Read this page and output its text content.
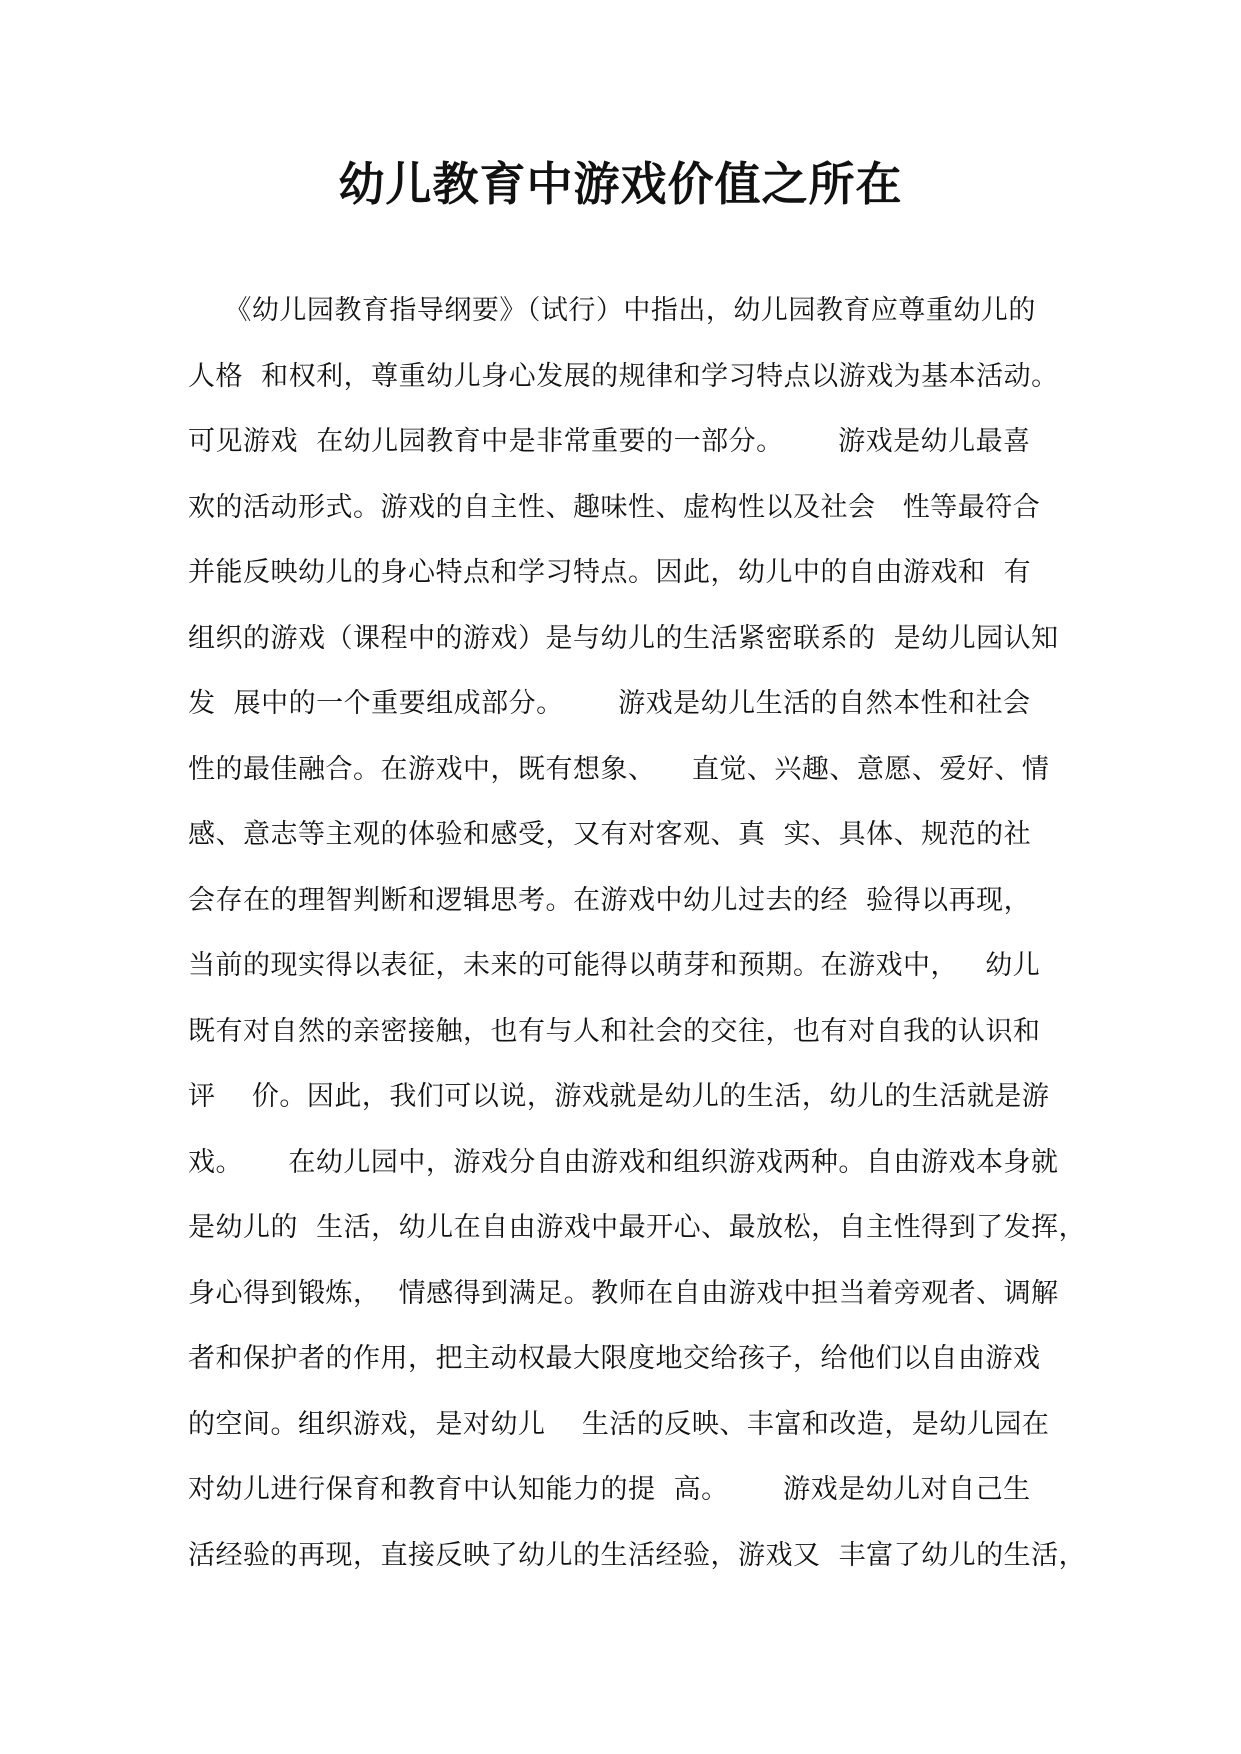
幼儿教育中游戏价值之所在
《幼儿园教育指导纲要》（试行）中指出，幼儿园教育应尊重幼儿的
人格  和权利，尊重幼儿身心发展的规律和学习特点以游戏为基本活动。
可见游戏  在幼儿园教育中是非常重要的一部分。      游戏是幼儿最喜
欢的活动形式。游戏的自主性、趣味性、虚构性以及社会   性等最符合
并能反映幼儿的身心特点和学习特点。因此，幼儿中的自由游戏和  有
组织的游戏（课程中的游戏）是与幼儿的生活紧密联系的  是幼儿园认知
发  展中的一个重要组成部分。      游戏是幼儿生活的自然本性和社会
性的最佳融合。在游戏中，既有想象、    直觉、兴趣、意愿、爱好、情
感、意志等主观的体验和感受，又有对客观、真  实、具体、规范的社
会存在的理智判断和逻辑思考。在游戏中幼儿过去的经  验得以再现，
当前的现实得以表征，未来的可能得以萌芽和预期。在游戏中，   幼儿
既有对自然的亲密接触，也有与人和社会的交往，也有对自我的认识和
评    价。因此，我们可以说，游戏就是幼儿的生活，幼儿的生活就是游
戏。     在幼儿园中，游戏分自由游戏和组织游戏两种。自由游戏本身就
是幼儿的  生活，幼儿在自由游戏中最开心、最放松，自主性得到了发挥，
身心得到锻炼，  情感得到满足。教师在自由游戏中担当着旁观者、调解
者和保护者的作用，把主动权最大限度地交给孩子，给他们以自由游戏
的空间。组织游戏，是对幼儿    生活的反映、丰富和改造，是幼儿园在
对幼儿进行保育和教育中认知能力的提  高。      游戏是幼儿对自己生
活经验的再现，直接反映了幼儿的生活经验，游戏又  丰富了幼儿的生活，
